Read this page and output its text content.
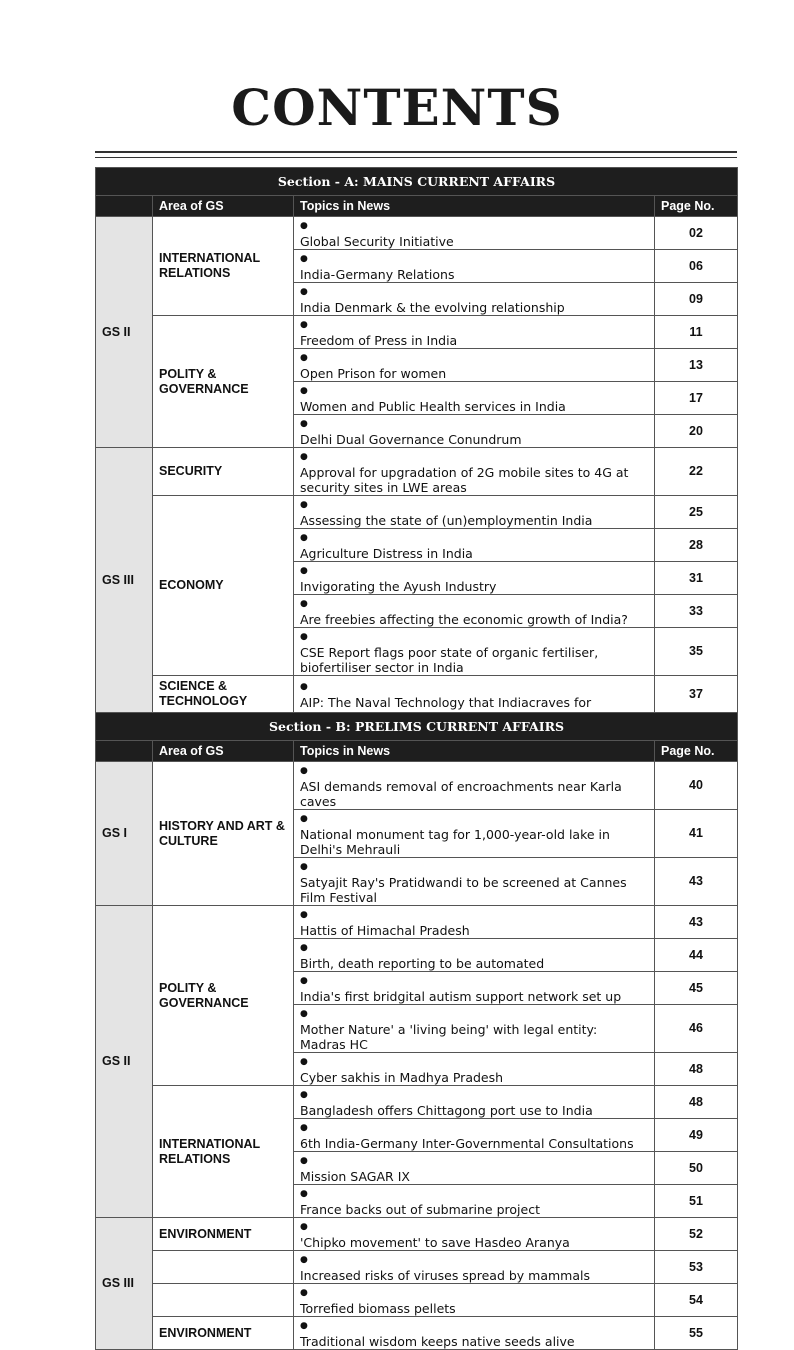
CONTENTS
Section - A: MAINS CURRENT AFFAIRS			
	Area of GS	Topics in News	Page No.
GS II	INTERNATIONAL RELATIONS	●Global Security Initiative	02
		●India-Germany Relations	06
		●India Denmark & the evolving relationship	09
	POLITY & GOVERNANCE	●Freedom of Press in India	11
		●Open Prison for women	13
		●Women and Public Health services in India	17
		●Delhi Dual Governance Conundrum	20
GS III	SECURITY	●Approval for upgradation of 2G mobile sites to 4G at security sites in LWE areas	22
	ECONOMY	●Assessing the state of (un)employmentin India	25
		●Agriculture Distress in India	28
		●Invigorating the Ayush Industry	31
		●Are freebies affecting the economic growth of India?	33
		●CSE Report flags poor state of organic fertiliser, biofertiliser sector in India	35
	SCIENCE & TECHNOLOGY	●AIP: The Naval Technology that Indiacraves for	37
Section - B: PRELIMS CURRENT AFFAIRS			
	Area of GS	Topics in News	Page No.
GS I	HISTORY AND ART & CULTURE	●ASI demands removal of encroachments near Karla caves	40
		●National monument tag for 1,000-year-old lake in Delhi's Mehrauli	41
		●Satyajit Ray's Pratidwandi to be screened at Cannes Film Festival	43
GS II	POLITY & GOVERNANCE	●Hattis of Himachal Pradesh	43
		●Birth, death reporting to be automated	44
		●India's first bridgital autism support network set up	45
		●Mother Nature' a 'living being' with legal entity: Madras HC	46
		●Cyber sakhis in Madhya Pradesh	48
	INTERNATIONAL RELATIONS	●Bangladesh offers Chittagong port use to India	48
		●6th India-Germany Inter-Governmental Consultations	49
		●Mission SAGAR IX	50
		●France backs out of submarine project	51
GS III	ENVIRONMENT	●'Chipko movement' to save Hasdeo Aranya	52
		●Increased risks of viruses spread by mammals	53
		●Torrefied biomass pellets	54
	ENVIRONMENT	●Traditional wisdom keeps native seeds alive	55
